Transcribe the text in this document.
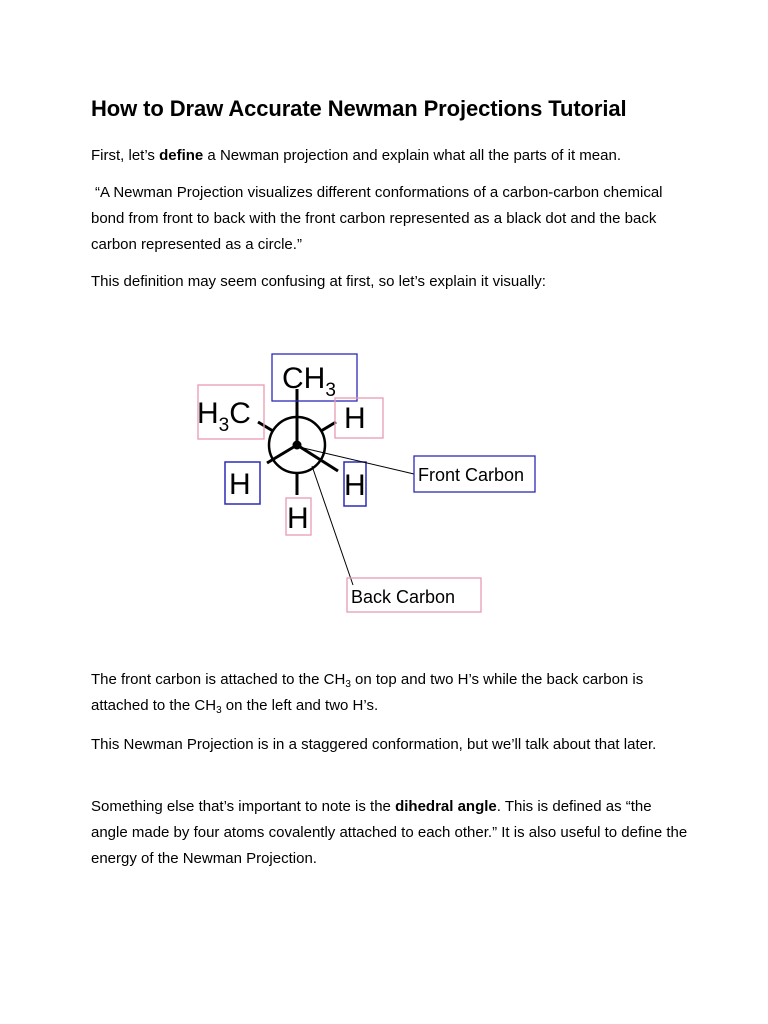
How to Draw Accurate Newman Projections Tutorial

First, let’s define a Newman projection and explain what all the parts of it mean.

“A Newman Projection visualizes different conformations of a carbon-carbon chemical bond from front to back with the front carbon represented as a black dot and the back carbon represented as a circle.”

This definition may seem confusing at first, so let’s explain it visually:

$CH_3$
$H_3C$	H
H	H
H
Front Carbon
Back Carbon

The front carbon is attached to the $CH_3$ on top and two H’s while the back carbon is attached to the $CH_3$ on the left and two H’s.

This Newman Projection is in a staggered conformation, but we’ll talk about that later.

Something else that’s important to note is the dihedral angle. This is defined as “the angle made by four atoms covalently attached to each other.” It is also useful to define the energy of the Newman Projection.
